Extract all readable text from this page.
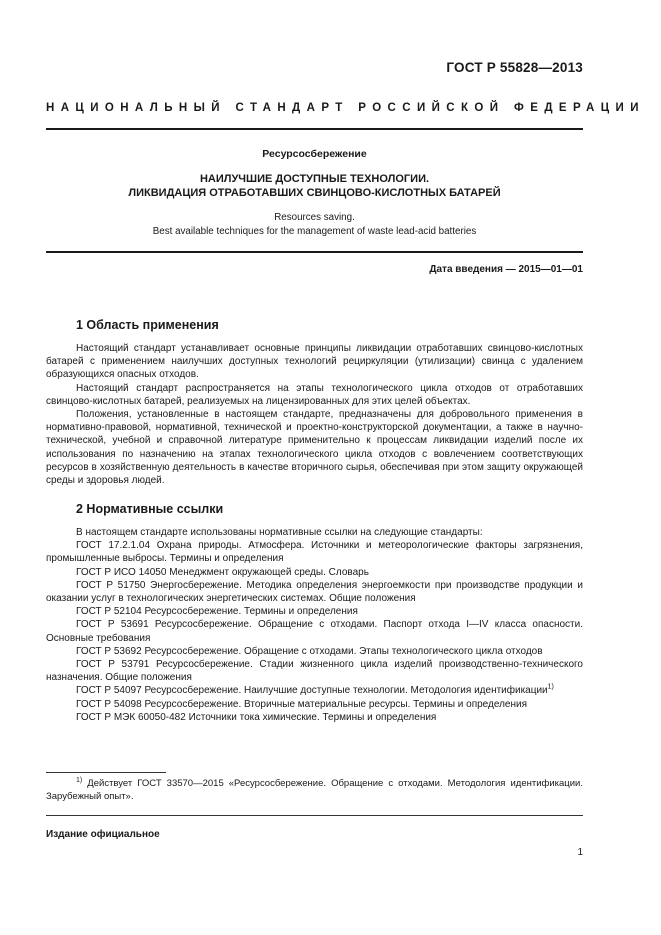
ГОСТ Р 55828—2013
НАЦИОНАЛЬНЫЙ СТАНДАРТ РОССИЙСКОЙ ФЕДЕРАЦИИ
Ресурсосбережение
НАИЛУЧШИЕ ДОСТУПНЫЕ ТЕХНОЛОГИИ.
ЛИКВИДАЦИЯ ОТРАБОТАВШИХ СВИНЦОВО-КИСЛОТНЫХ БАТАРЕЙ
Resources saving.
Best available techniques for the management of waste lead-acid batteries
Дата введения — 2015—01—01
1 Область применения

Настоящий стандарт устанавливает основные принципы ликвидации отработавших свинцово-кислотных батарей с применением наилучших доступных технологий рециркуляции (утилизации) свинца с удалением образующихся опасных отходов.

Настоящий стандарт распространяется на этапы технологического цикла отходов от отработавших свинцово-кислотных батарей, реализуемых на лицензированных для этих целей объектах.

Положения, установленные в настоящем стандарте, предназначены для добровольного применения в нормативно-правовой, нормативной, технической и проектно-конструкторской документации, а также в научно-технической, учебной и справочной литературе применительно к процессам ликвидации изделий после их использования по назначению на этапах технологического цикла отходов с вовлечением соответствующих ресурсов в хозяйственную деятельность в качестве вторичного сырья, обеспечивая при этом защиту окружающей среды и здоровья людей.

2 Нормативные ссылки

В настоящем стандарте использованы нормативные ссылки на следующие стандарты:

ГОСТ 17.2.1.04 Охрана природы. Атмосфера. Источники и метеорологические факторы загрязнения, промышленные выбросы. Термины и определения

ГОСТ Р ИСО 14050 Менеджмент окружающей среды. Словарь

ГОСТ Р 51750 Энергосбережение. Методика определения энергоемкости при производстве продукции и оказании услуг в технологических энергетических системах. Общие положения

ГОСТ Р 52104 Ресурсосбережение. Термины и определения

ГОСТ Р 53691 Ресурсосбережение. Обращение с отходами. Паспорт отхода I—IV класса опасности. Основные требования

ГОСТ Р 53692 Ресурсосбережение. Обращение с отходами. Этапы технологического цикла отходов

ГОСТ Р 53791 Ресурсосбережение. Стадии жизненного цикла изделий производственно-технического назначения. Общие положения

ГОСТ Р 54097 Ресурсосбережение. Наилучшие доступные технологии. Методология идентификации$^{1)}$

ГОСТ Р 54098 Ресурсосбережение. Вторичные материальные ресурсы. Термины и определения

ГОСТ Р МЭК 60050-482 Источники тока химические. Термины и определения

$^{1)}$ Действует ГОСТ 33570—2015 «Ресурсосбережение. Обращение с отходами. Методология идентификации. Зарубежный опыт».

Издание официальное
1
